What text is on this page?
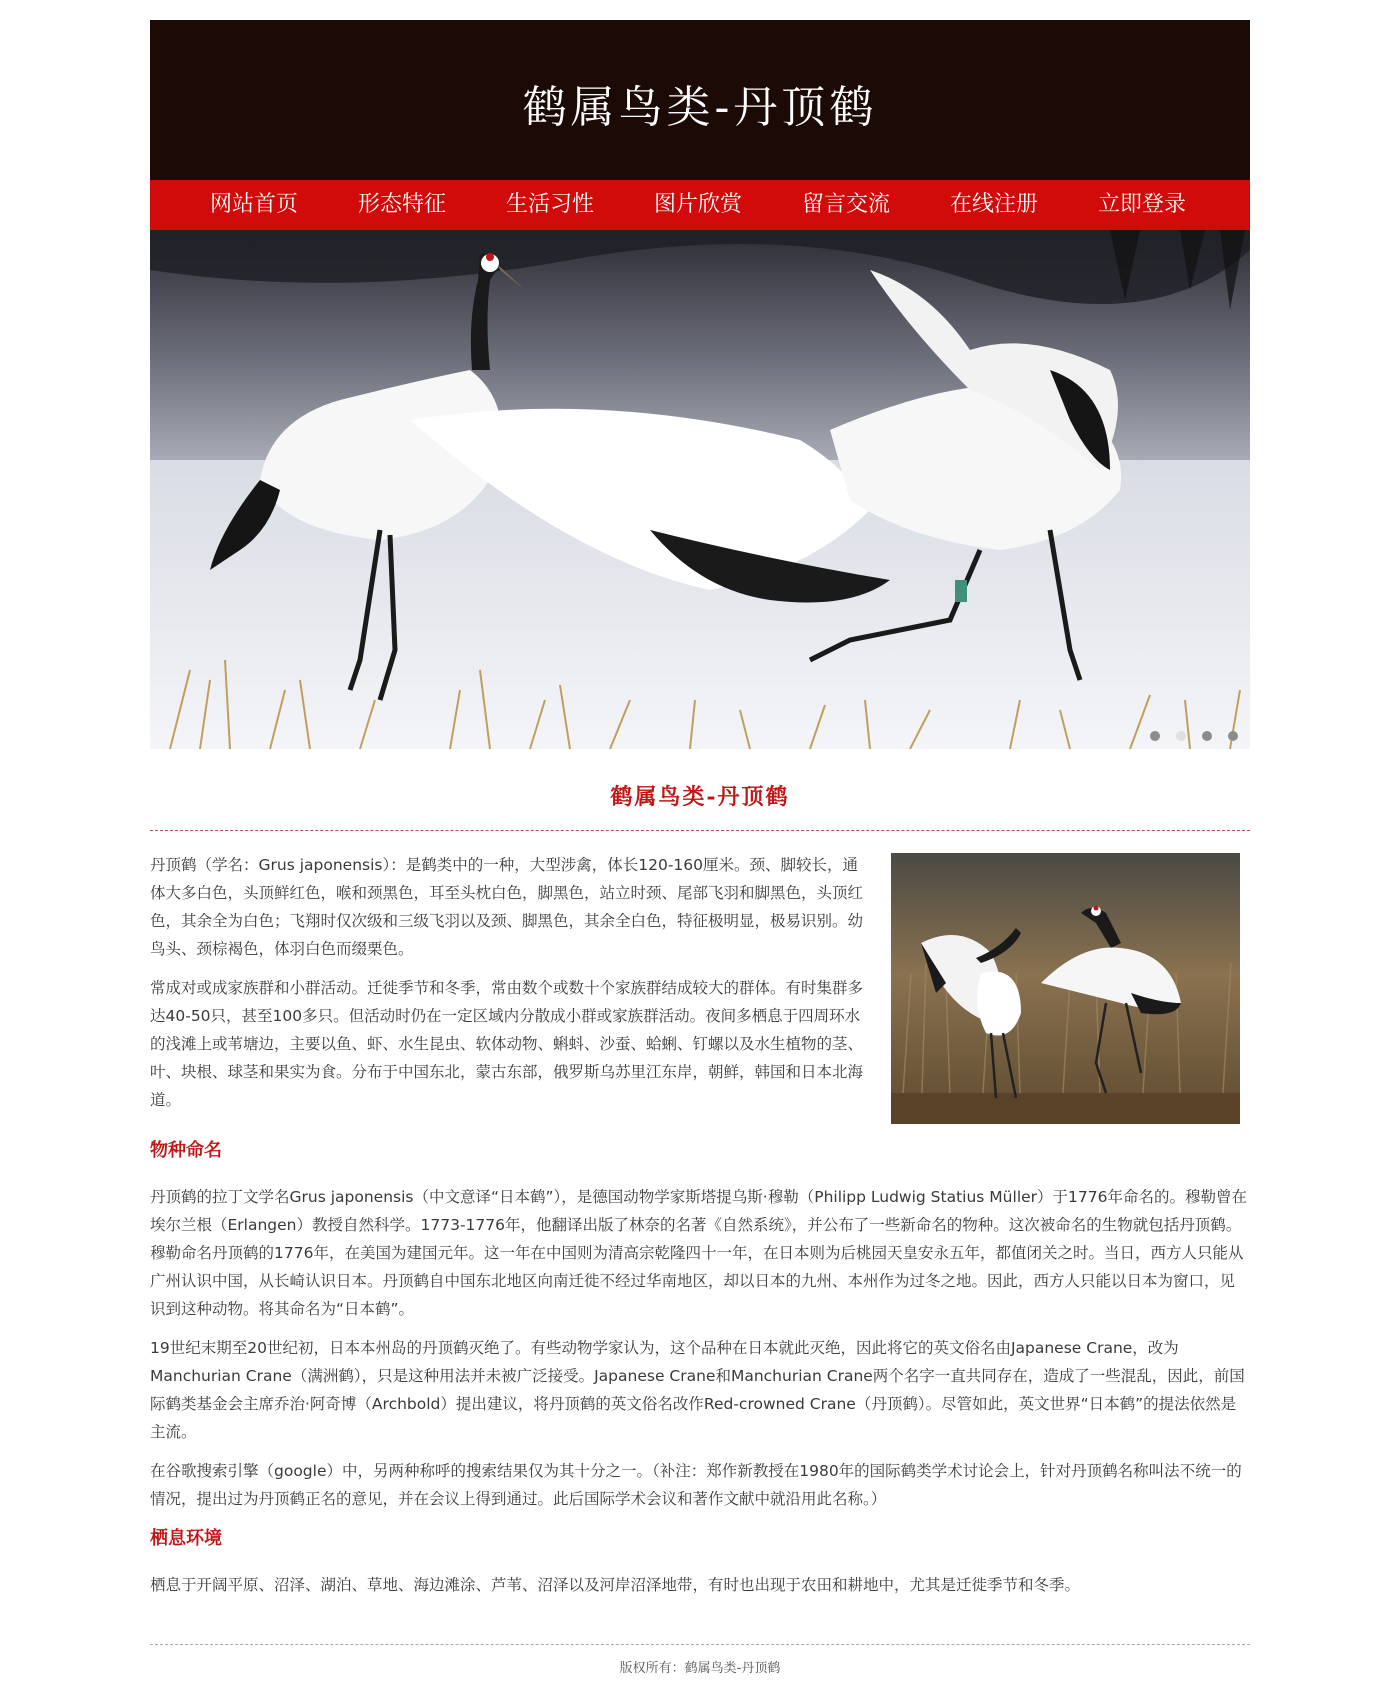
鹤属鸟类-丹顶鹤
网站首页	形态特征	生活习性	图片欣赏	留言交流	在线注册	立即登录
鹤属鸟类-丹顶鹤

丹顶鹤（学名：Grus japonensis）：是鹤类中的一种，大型涉禽，体长120-160厘米。颈、脚较长，通体大多白色，头顶鲜红色，喉和颈黑色，耳至头枕白色，脚黑色，站立时颈、尾部飞羽和脚黑色，头顶红色，其余全为白色；飞翔时仅次级和三级飞羽以及颈、脚黑色，其余全白色，特征极明显，极易识别。幼鸟头、颈棕褐色，体羽白色而缀栗色。

常成对或成家族群和小群活动。迁徙季节和冬季，常由数个或数十个家族群结成较大的群体。有时集群多达40-50只，甚至100多只。但活动时仍在一定区域内分散成小群或家族群活动。夜间多栖息于四周环水的浅滩上或苇塘边，主要以鱼、虾、水生昆虫、软体动物、蝌蚪、沙蚕、蛤蜊、钉螺以及水生植物的茎、叶、块根、球茎和果实为食。分布于中国东北，蒙古东部，俄罗斯乌苏里江东岸，朝鲜，韩国和日本北海道。

物种命名

丹顶鹤的拉丁文学名Grus japonensis（中文意译“日本鹤”），是德国动物学家斯塔提乌斯·穆勒（Philipp Ludwig Statius Müller）于1776年命名的。穆勒曾在埃尔兰根（Erlangen）教授自然科学。1773-1776年，他翻译出版了林奈的名著《自然系统》，并公布了一些新命名的物种。这次被命名的生物就包括丹顶鹤。穆勒命名丹顶鹤的1776年，在美国为建国元年。这一年在中国则为清高宗乾隆四十一年，在日本则为后桃园天皇安永五年，都值闭关之时。当日，西方人只能从广州认识中国，从长崎认识日本。丹顶鹤自中国东北地区向南迁徙不经过华南地区，却以日本的九州、本州作为过冬之地。因此，西方人只能以日本为窗口，见识到这种动物。将其命名为“日本鹤”。

19世纪末期至20世纪初，日本本州岛的丹顶鹤灭绝了。有些动物学家认为，这个品种在日本就此灭绝，因此将它的英文俗名由Japanese Crane，改为Manchurian Crane（满洲鹤），只是这种用法并未被广泛接受。Japanese Crane和Manchurian Crane两个名字一直共同存在，造成了一些混乱，因此，前国际鹤类基金会主席乔治·阿奇博（Archbold）提出建议，将丹顶鹤的英文俗名改作Red-crowned Crane（丹顶鹤）。尽管如此，英文世界“日本鹤”的提法依然是主流。

在谷歌搜索引擎（google）中，另两种称呼的搜索结果仅为其十分之一。（补注：郑作新教授在1980年的国际鹤类学术讨论会上，针对丹顶鹤名称叫法不统一的情况，提出过为丹顶鹤正名的意见，并在会议上得到通过。此后国际学术会议和著作文献中就沿用此名称。）

栖息环境

栖息于开阔平原、沼泽、湖泊、草地、海边滩涂、芦苇、沼泽以及河岸沼泽地带，有时也出现于农田和耕地中，尤其是迁徙季节和冬季。

版权所有：鹤属鸟类-丹顶鹤
